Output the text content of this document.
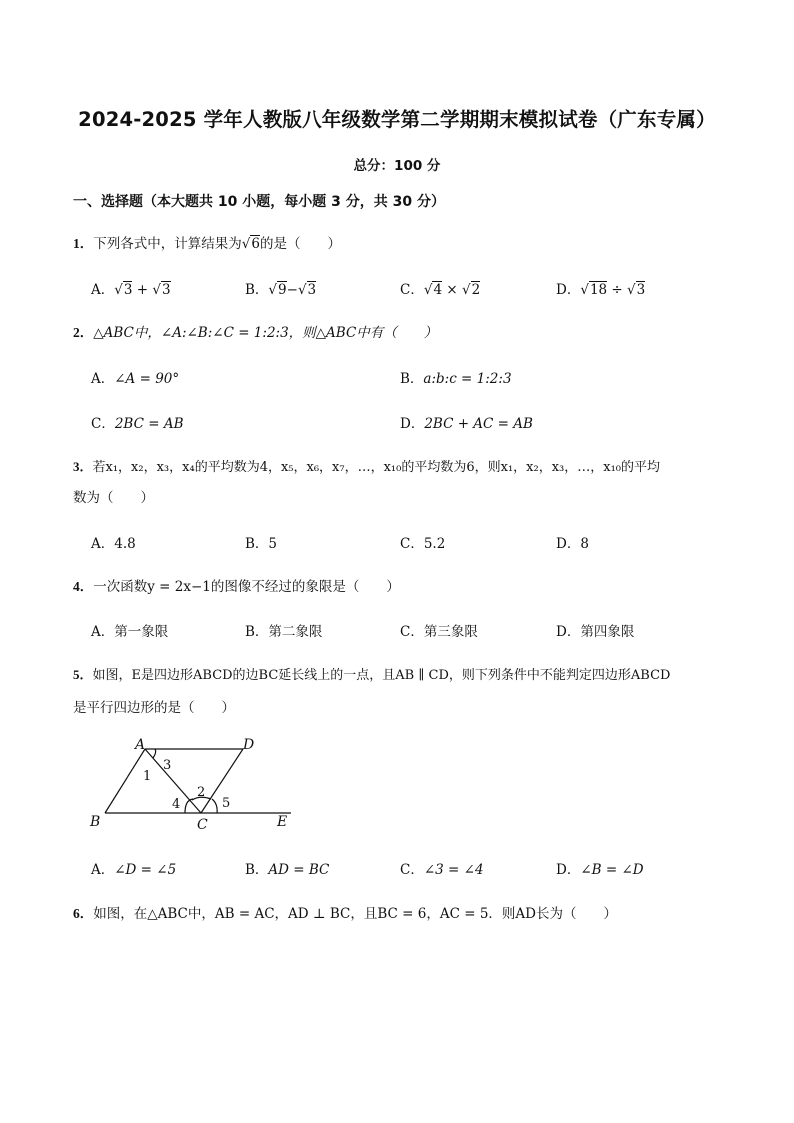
2024-2025 学年人教版八年级数学第二学期期末模拟试卷（广东专属）
总分：100 分
一、选择题（本大题共 10 小题，每小题 3 分，共 30 分）
1．下列各式中，计算结果为√6的是（　　）
A．√3 + √3	B．√9−√3	C．√4 × √2	D．√18 ÷ √3
2．△ABC中，∠A:∠B:∠C = 1:2:3，则△ABC中有（　　）
A．∠A = 90°	B．a:b:c = 1:2:3
C．2BC = AB	D．2BC + AC = AB
3．若x₁，x₂，x₃，x₄的平均数为4，x₅，x₆，x₇，…，x₁₀的平均数为6，则x₁，x₂，x₃，…，x₁₀的平均
数为（　　）
A．4.8	B．5	C．5.2	D．8
4．一次函数y = 2x−1的图像不经过的象限是（　　）
A．第一象限	B．第二象限	C．第三象限	D．第四象限
5．如图，E是四边形ABCD的边BC延长线上的一点，且AB ∥ CD，则下列条件中不能判定四边形ABCD
是平行四边形的是（　　）
A	D
B	C	E
1
2
3
4	5
A．∠D = ∠5	B．AD = BC	C．∠3 = ∠4	D．∠B = ∠D
6．如图，在△ABC中，AB = AC，AD ⊥ BC，且BC = 6，AC = 5．则AD长为（　　）
